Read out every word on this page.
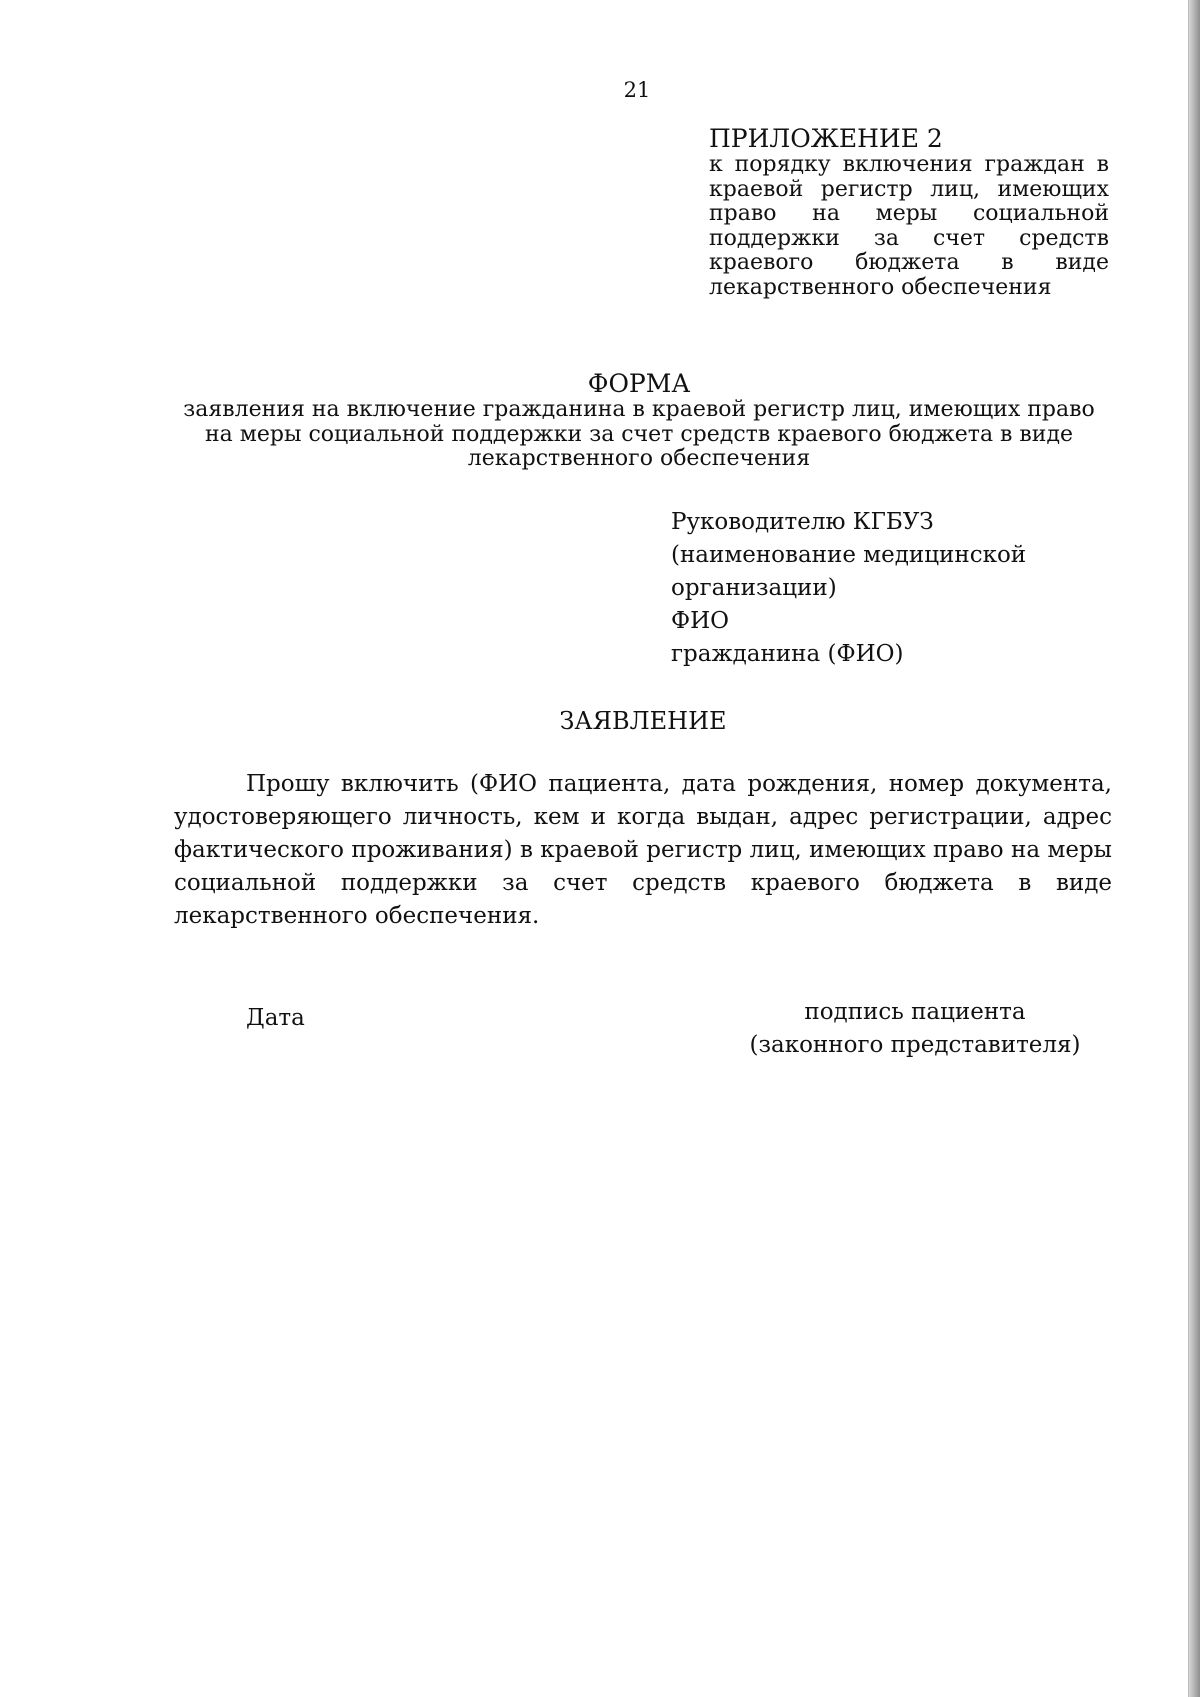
21

ПРИЛОЖЕНИЕ 2

к порядку включения граждан в краевой регистр лиц, имеющих право на меры социальной поддержки за счет средств краевого бюджета в виде лекарственного обеспечения

ФОРМА

заявления на включение гражданина в краевой регистр лиц, имеющих право

на меры социальной поддержки за счет средств краевого бюджета в виде

лекарственного обеспечения

Руководителю КГБУЗ
(наименование медицинской
организации)
ФИО
гражданина (ФИО)
ЗАЯВЛЕНИЕ

Прошу включить (ФИО пациента, дата рождения, номер документа, удостоверяющего личность, кем и когда выдан, адрес регистрации, адрес фактического проживания) в краевой регистр лиц, имеющих право на меры социальной поддержки за счет средств краевого бюджета в виде лекарственного обеспечения.

Дата	подпись пациента
(законного представителя)
